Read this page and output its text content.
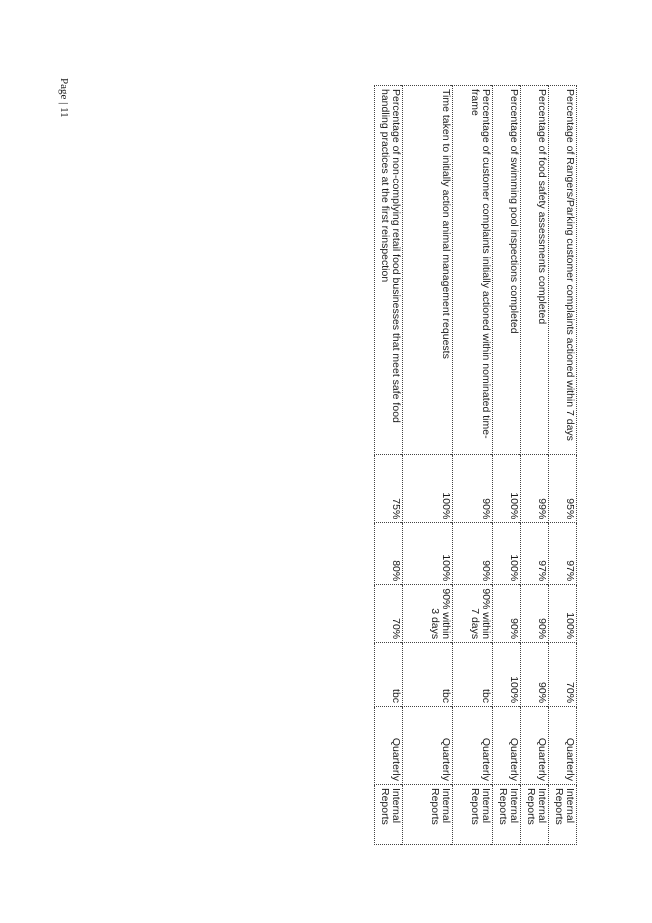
Page | 11	Percentage of Rangers/Parking customer complaints actioned within 7 days	95%	97%	100%	70%	Quarterly	Internal Reports
Percentage of food safety assessments completed	99%	97%	90%	90%	Quarterly	Internal Reports
Percentage of swimming pool inspections completed	100%	100%	90%	100%	Quarterly	Internal Reports
Percentage of customer complaints initially actioned within nominated time-frame	90%	90%	90% within 7 days	tbc	Quarterly	Internal Reports
Time taken to initially action animal management requests	100%	100%	90% within 3 days	tbc	Quarterly	Internal Reports
Percentage of non-complying retail food businesses that meet safe food handling practices at the first reinspection	75%	80%	70%	tbc	Quarterly	Internal Reports
